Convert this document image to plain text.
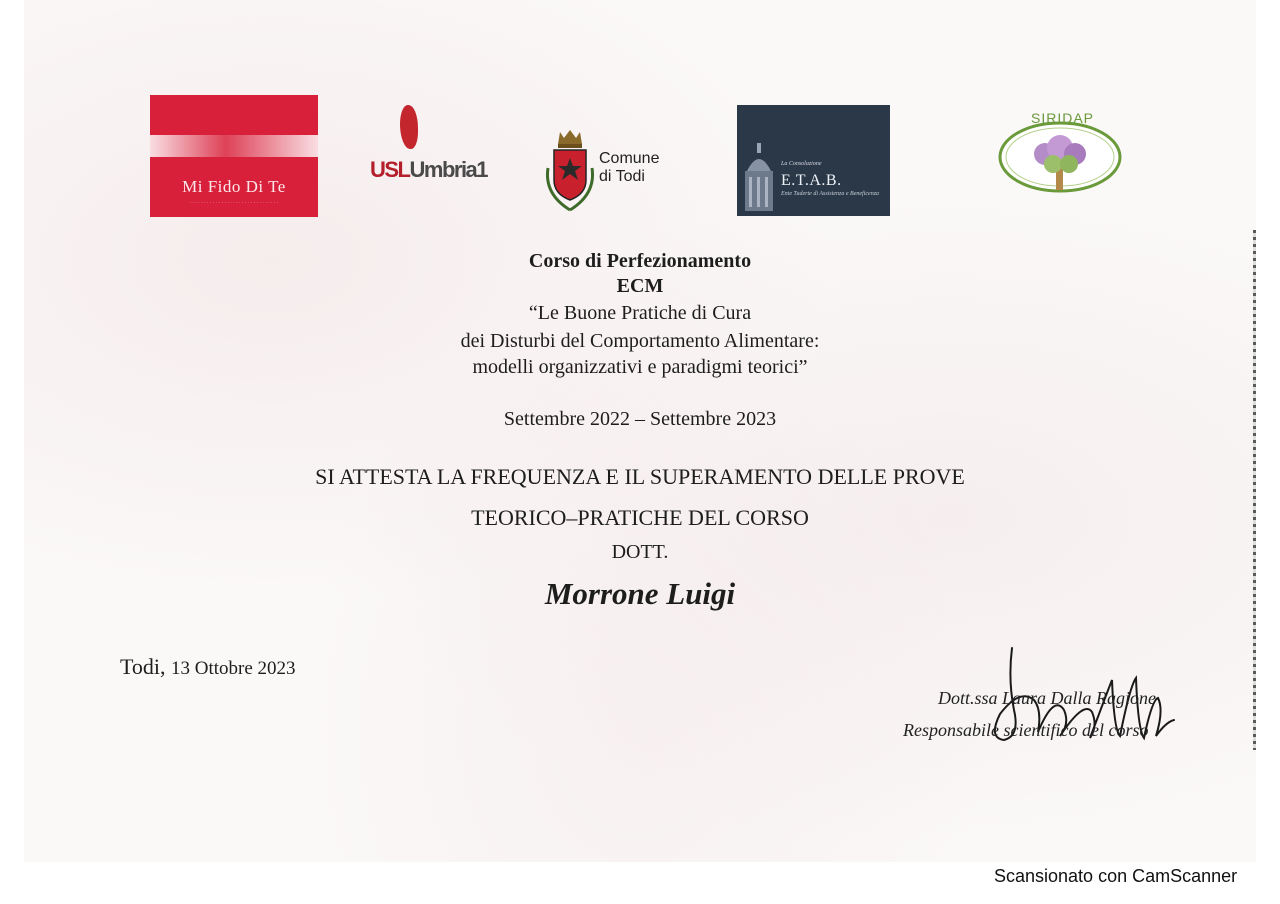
Mi Fido Di Te
· · · · · · · · · · · · · · · · · · · · · · · · · · · · · · ·
USLUmbria1	Comune
di Todi
La Consolazione
E.T.A.B.
Ente Tuderte di Assistenza e Beneficenza
SIRIDAP
Corso di Perfezionamento
ECM
“Le Buone Pratiche di Cura
dei Disturbi del Comportamento Alimentare:
modelli organizzativi e paradigmi teorici”
Settembre 2022 – Settembre 2023
SI ATTESTA LA FREQUENZA E IL SUPERAMENTO DELLE PROVE
TEORICO–PRATICHE DEL CORSO
DOTT.
Morrone Luigi
Todi, 13 Ottobre 2023
Dott.ssa Laura Dalla Ragione
Responsabile scientifico del corso
Scansionato con CamScanner
